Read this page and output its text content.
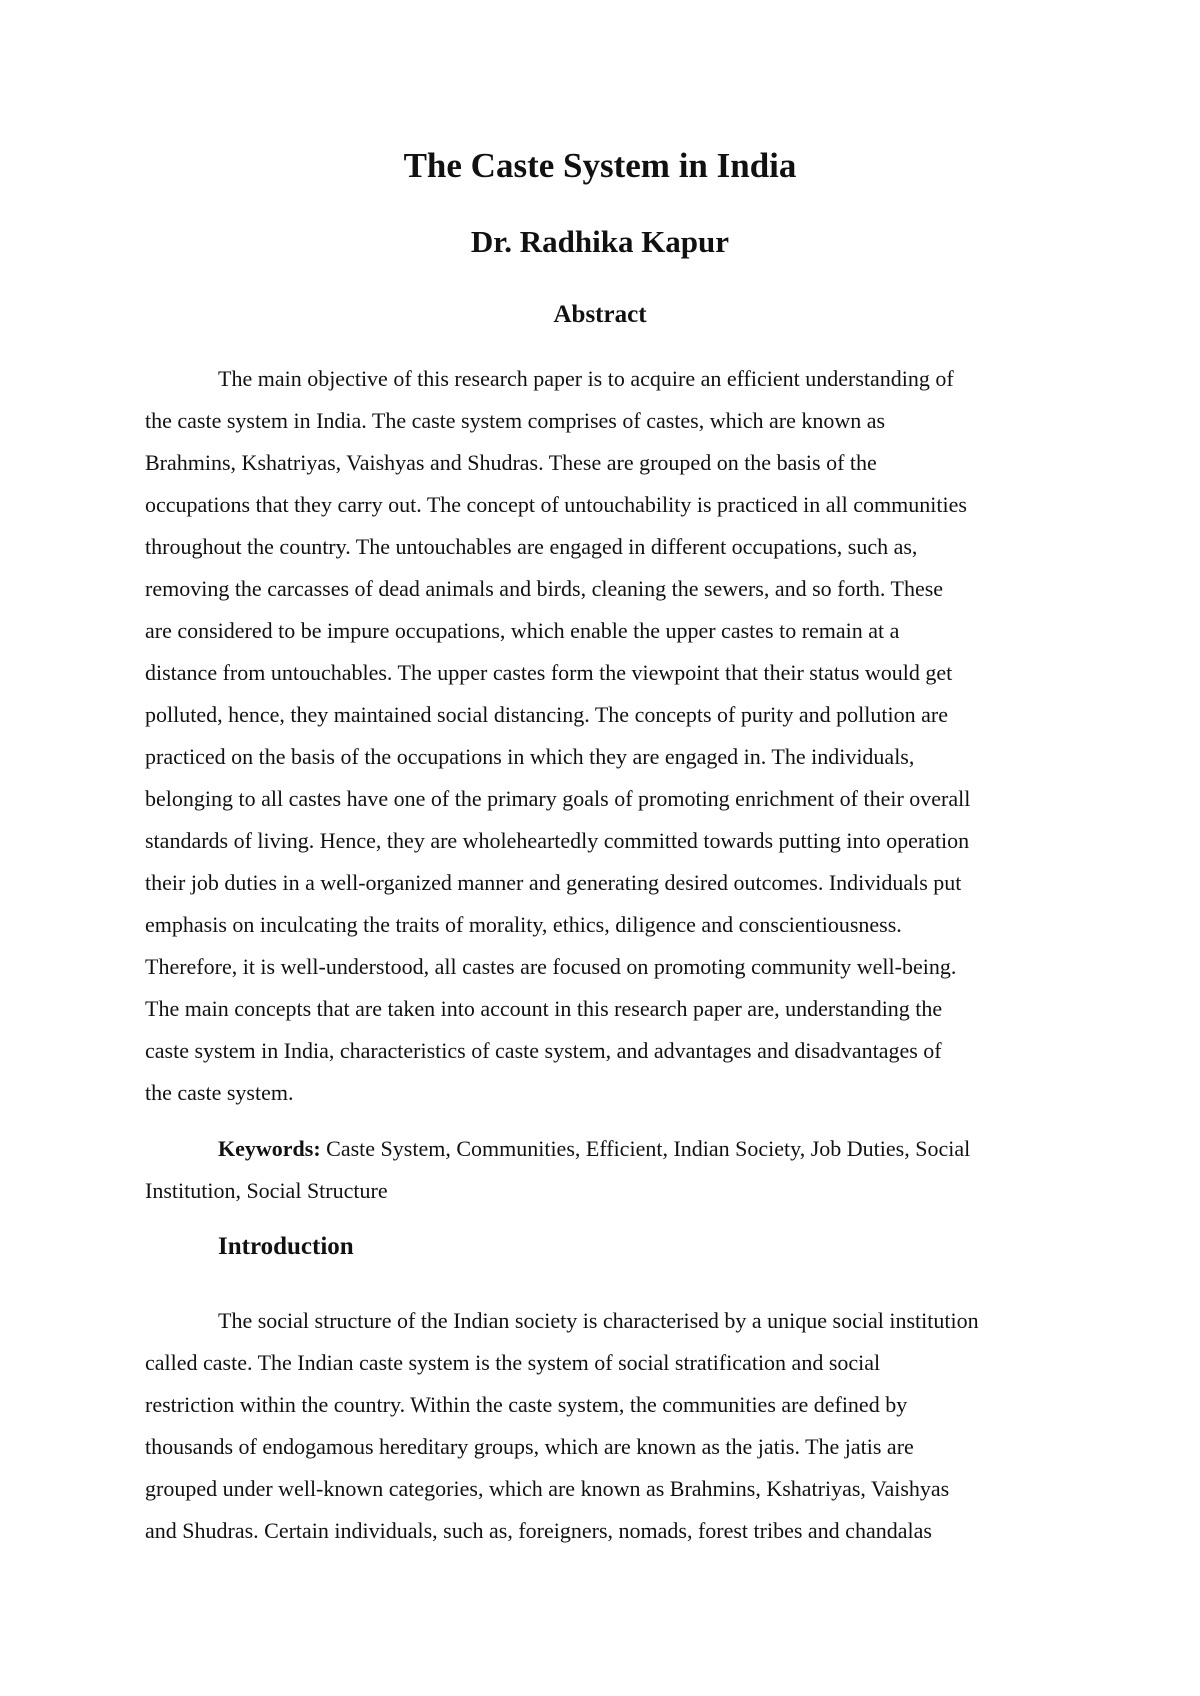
The Caste System in India
Dr. Radhika Kapur
Abstract
The main objective of this research paper is to acquire an efficient understanding of
the caste system in India. The caste system comprises of castes, which are known as
Brahmins, Kshatriyas, Vaishyas and Shudras. These are grouped on the basis of the
occupations that they carry out. The concept of untouchability is practiced in all communities
throughout the country. The untouchables are engaged in different occupations, such as,
removing the carcasses of dead animals and birds, cleaning the sewers, and so forth. These
are considered to be impure occupations, which enable the upper castes to remain at a
distance from untouchables. The upper castes form the viewpoint that their status would get
polluted, hence, they maintained social distancing. The concepts of purity and pollution are
practiced on the basis of the occupations in which they are engaged in. The individuals,
belonging to all castes have one of the primary goals of promoting enrichment of their overall
standards of living. Hence, they are wholeheartedly committed towards putting into operation
their job duties in a well-organized manner and generating desired outcomes. Individuals put
emphasis on inculcating the traits of morality, ethics, diligence and conscientiousness.
Therefore, it is well-understood, all castes are focused on promoting community well-being.
The main concepts that are taken into account in this research paper are, understanding the
caste system in India, characteristics of caste system, and advantages and disadvantages of
the caste system.
Keywords: Caste System, Communities, Efficient, Indian Society, Job Duties, Social
Institution, Social Structure
Introduction
The social structure of the Indian society is characterised by a unique social institution
called caste. The Indian caste system is the system of social stratification and social
restriction within the country. Within the caste system, the communities are defined by
thousands of endogamous hereditary groups, which are known as the jatis. The jatis are
grouped under well-known categories, which are known as Brahmins, Kshatriyas, Vaishyas
and Shudras. Certain individuals, such as, foreigners, nomads, forest tribes and chandalas
